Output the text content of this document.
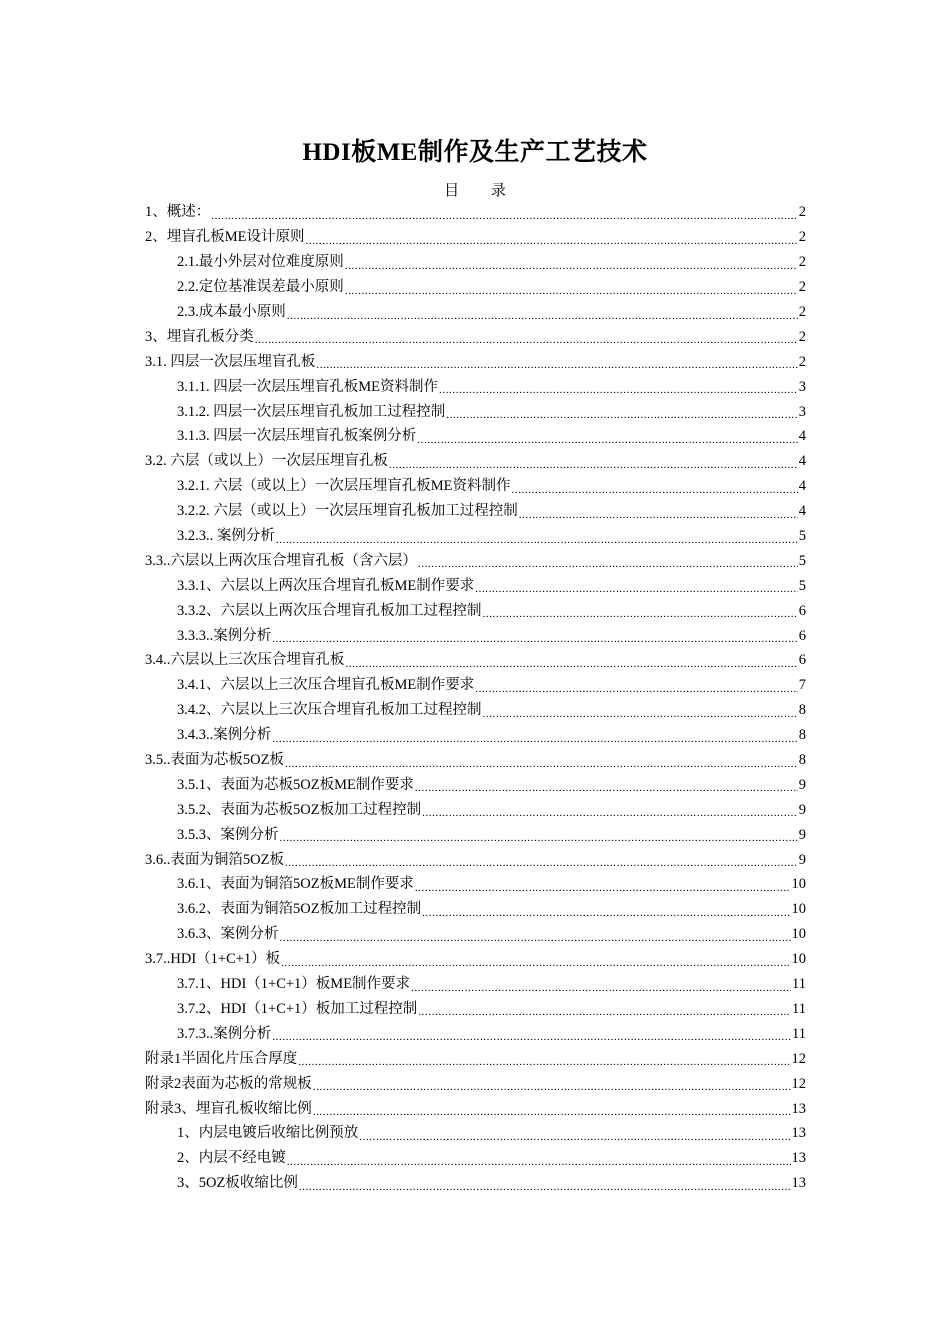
HDI板ME制作及生产工艺技术
目 录
1、概述： .....	2
2、埋盲孔板ME设计原则 .....	2
2.1.最小外层对位难度原则 .....	2
2.2.定位基准误差最小原则 .....	2
2.3.成本最小原则 .....	2
3、埋盲孔板分类 .....	2
3.1. 四层一次层压埋盲孔板 .....	2
3.1.1. 四层一次层压埋盲孔板ME资料制作 .....	3
3.1.2. 四层一次层压埋盲孔板加工过程控制 .....	3
3.1.3. 四层一次层压埋盲孔板案例分析 .....	4
3.2. 六层（或以上）一次层压埋盲孔板 .....	4
3.2.1. 六层（或以上）一次层压埋盲孔板ME资料制作 .....	4
3.2.2. 六层（或以上）一次层压埋盲孔板加工过程控制 .....	4
3.2.3.. 案例分析 .....	5
3.3..六层以上两次压合埋盲孔板（含六层） .....	5
3.3.1、六层以上两次压合埋盲孔板ME制作要求 .....	5
3.3.2、六层以上两次压合埋盲孔板加工过程控制 .....	6
3.3.3..案例分析 .....	6
3.4..六层以上三次压合埋盲孔板 .....	6
3.4.1、六层以上三次压合埋盲孔板ME制作要求 .....	7
3.4.2、六层以上三次压合埋盲孔板加工过程控制 .....	8
3.4.3..案例分析 .....	8
3.5..表面为芯板5OZ板 .....	8
3.5.1、表面为芯板5OZ板ME制作要求 .....	9
3.5.2、表面为芯板5OZ板加工过程控制 .....	9
3.5.3、案例分析 .....	9
3.6..表面为铜箔5OZ板 .....	9
3.6.1、表面为铜箔5OZ板ME制作要求 .....	10
3.6.2、表面为铜箔5OZ板加工过程控制 .....	10
3.6.3、案例分析 .....	10
3.7..HDI（1+C+1）板 .....	10
3.7.1、HDI（1+C+1）板ME制作要求 .....	11
3.7.2、HDI（1+C+1）板加工过程控制 .....	11
3.7.3..案例分析 .....	11
附录1半固化片压合厚度 .....	12
附录2表面为芯板的常规板 .....	12
附录3、埋盲孔板收缩比例 .....	13
1、内层电镀后收缩比例预放 .....	13
2、内层不经电镀 .....	13
3、5OZ板收缩比例 .....	13
